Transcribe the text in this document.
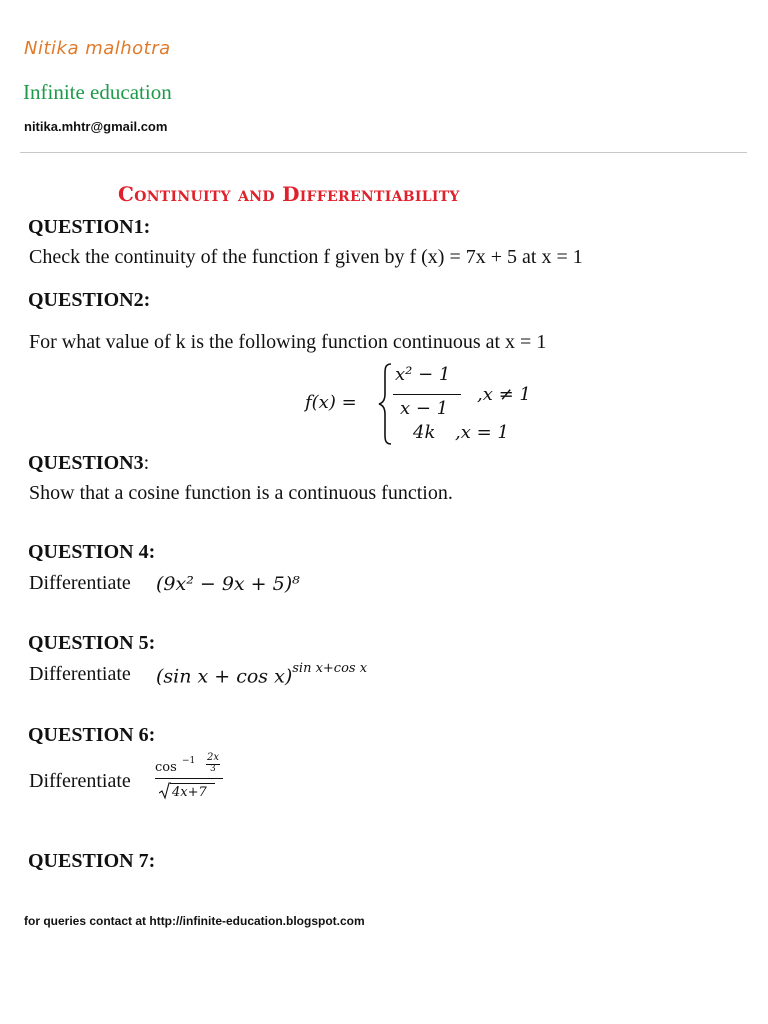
Nitika malhotra
Infinite education
nitika.mhtr@gmail.com
Continuity and Differentiability
QUESTION1:
Check the continuity of the function f given by f (x) = 7x + 5 at x = 1
QUESTION2:
For what value of k is the following function continuous at x = 1
f(x) =
x² − 1
x − 1
,x ≠ 1
4k ,x = 1
QUESTION3:
Show that a cosine function is a continuous function.
QUESTION 4:
Differentiate (9x² − 9x + 5)⁸
QUESTION 5:
Differentiate (sin x + cos x)$^{sin x+cos x}$
QUESTION 6:
Differentiate
cos −1 2x
3
4x+7
QUESTION 7:
for queries contact at http://infinite-education.blogspot.com
